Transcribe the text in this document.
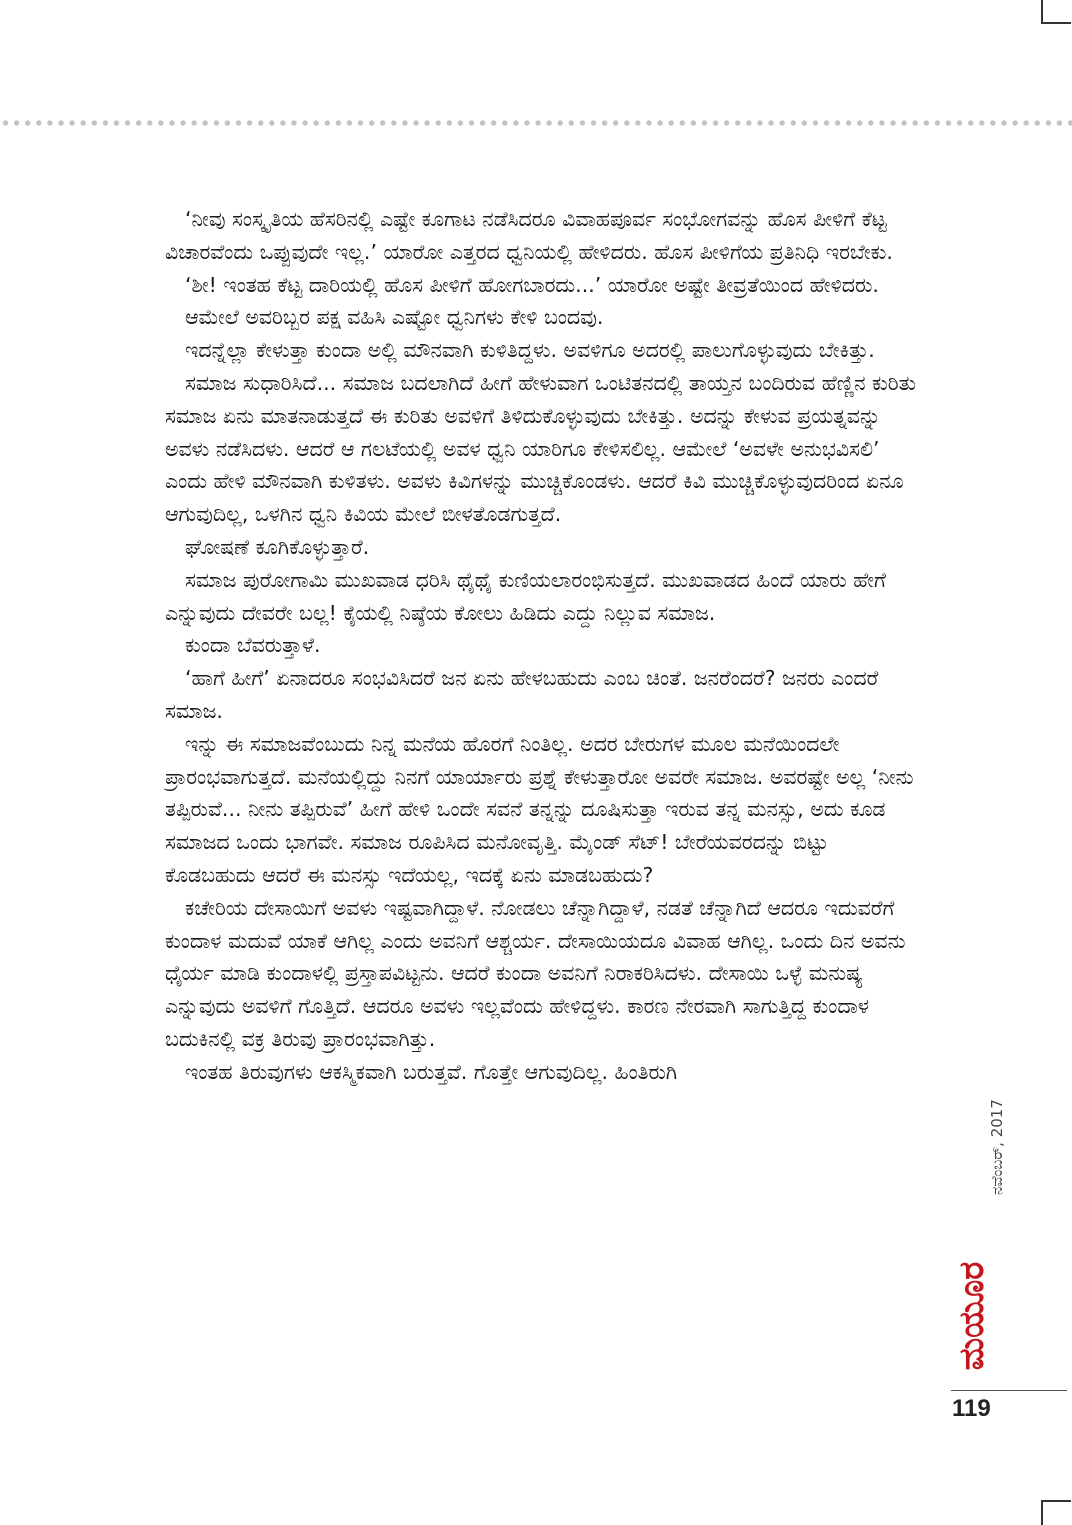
‘ನೀವು ಸಂಸ್ಕೃತಿಯ ಹೆಸರಿನಲ್ಲಿ ಎಷ್ಟೇ ಕೂಗಾಟ ನಡೆಸಿದರೂ ವಿವಾಹಪೂರ್ವ ಸಂಭೋಗವನ್ನು ಹೊಸ ಪೀಳಿಗೆ ಕೆಟ್ಟ ವಿಚಾರವೆಂದು ಒಪ್ಪುವುದೇ ಇಲ್ಲ.’ ಯಾರೋ ಎತ್ತರದ ಧ್ವನಿಯಲ್ಲಿ ಹೇಳಿದರು. ಹೊಸ ಪೀಳಿಗೆಯ ಪ್ರತಿನಿಧಿ ಇರಬೇಕು.

‘ಶೀ! ಇಂತಹ ಕೆಟ್ಟ ದಾರಿಯಲ್ಲಿ ಹೊಸ ಪೀಳಿಗೆ ಹೋಗಬಾರದು...’ ಯಾರೋ ಅಷ್ಟೇ ತೀವ್ರತೆಯಿಂದ ಹೇಳಿದರು.

ಆಮೇಲೆ ಅವರಿಬ್ಬರ ಪಕ್ಷ ವಹಿಸಿ ಎಷ್ಟೋ ಧ್ವನಿಗಳು ಕೇಳಿ ಬಂದವು.

ಇದನ್ನೆಲ್ಲಾ ಕೇಳುತ್ತಾ ಕುಂದಾ ಅಲ್ಲಿ ಮೌನವಾಗಿ ಕುಳಿತಿದ್ದಳು. ಅವಳಿಗೂ ಅದರಲ್ಲಿ ಪಾಲುಗೊಳ್ಳುವುದು ಬೇಕಿತ್ತು.

ಸಮಾಜ ಸುಧಾರಿಸಿದೆ... ಸಮಾಜ ಬದಲಾಗಿದೆ ಹೀಗೆ ಹೇಳುವಾಗ ಒಂಟಿತನದಲ್ಲಿ ತಾಯ್ತನ ಬಂದಿರುವ ಹೆಣ್ಣಿನ ಕುರಿತು ಸಮಾಜ ಏನು ಮಾತನಾಡುತ್ತದೆ ಈ ಕುರಿತು ಅವಳಿಗೆ ತಿಳಿದುಕೊಳ್ಳುವುದು ಬೇಕಿತ್ತು. ಅದನ್ನು ಕೇಳುವ ಪ್ರಯತ್ನವನ್ನು ಅವಳು ನಡೆಸಿದಳು. ಆದರೆ ಆ ಗಲಟೆಯಲ್ಲಿ ಅವಳ ಧ್ವನಿ ಯಾರಿಗೂ ಕೇಳಿಸಲಿಲ್ಲ. ಆಮೇಲೆ ‘ಅವಳೇ ಅನುಭವಿಸಲಿ’ ಎಂದು ಹೇಳಿ ಮೌನವಾಗಿ ಕುಳಿತಳು. ಅವಳು ಕಿವಿಗಳನ್ನು ಮುಚ್ಚಿಕೊಂಡಳು. ಆದರೆ ಕಿವಿ ಮುಚ್ಚಿಕೊಳ್ಳುವುದರಿಂದ ಏನೂ ಆಗುವುದಿಲ್ಲ, ಒಳಗಿನ ಧ್ವನಿ ಕಿವಿಯ ಮೇಲೆ ಬೀಳತೊಡಗುತ್ತದೆ.

ಘೋಷಣೆ ಕೂಗಿಕೊಳ್ಳುತ್ತಾರೆ.

ಸಮಾಜ ಪುರೋಗಾಮಿ ಮುಖವಾಡ ಧರಿಸಿ ಥೈಥೈ ಕುಣಿಯಲಾರಂಭಿಸುತ್ತದೆ. ಮುಖವಾಡದ ಹಿಂದೆ ಯಾರು ಹೇಗೆ ಎನ್ನುವುದು ದೇವರೇ ಬಲ್ಲ! ಕೈಯಲ್ಲಿ ನಿಷ್ಠೆಯ ಕೋಲು ಹಿಡಿದು ಎದ್ದು ನಿಲ್ಲುವ ಸಮಾಜ.

ಕುಂದಾ ಬೆವರುತ್ತಾಳೆ.

‘ಹಾಗೆ ಹೀಗೆ’ ಏನಾದರೂ ಸಂಭವಿಸಿದರೆ ಜನ ಏನು ಹೇಳಬಹುದು ಎಂಬ ಚಿಂತೆ. ಜನರೆಂದರೆ? ಜನರು ಎಂದರೆ ಸಮಾಜ.

ಇನ್ನು ಈ ಸಮಾಜವೆಂಬುದು ನಿನ್ನ ಮನೆಯ ಹೊರಗೆ ನಿಂತಿಲ್ಲ. ಅದರ ಬೇರುಗಳ ಮೂಲ ಮನೆಯಿಂದಲೇ ಪ್ರಾರಂಭವಾಗುತ್ತದೆ. ಮನೆಯಲ್ಲಿದ್ದು ನಿನಗೆ ಯಾರ್ಯಾರು ಪ್ರಶ್ನೆ ಕೇಳುತ್ತಾರೋ ಅವರೇ ಸಮಾಜ. ಅವರಷ್ಟೇ ಅಲ್ಲ ‘ನೀನು ತಪ್ಪಿರುವೆ... ನೀನು ತಪ್ಪಿರುವೆ’ ಹೀಗೆ ಹೇಳಿ ಒಂದೇ ಸವನೆ ತನ್ನನ್ನು ದೂಷಿಸುತ್ತಾ ಇರುವ ತನ್ನ ಮನಸ್ಸು, ಅದು ಕೂಡ ಸಮಾಜದ ಒಂದು ಭಾಗವೇ. ಸಮಾಜ ರೂಪಿಸಿದ ಮನೋವೃತ್ತಿ. ಮೈಂಡ್ ಸೆಟ್! ಬೇರೆಯವರದನ್ನು ಬಿಟ್ಟು ಕೊಡಬಹುದು ಆದರೆ ಈ ಮನಸ್ಸು ಇದೆಯಲ್ಲ, ಇದಕ್ಕೆ ಏನು ಮಾಡಬಹುದು?

ಕಚೇರಿಯ ದೇಸಾಯಿಗೆ ಅವಳು ಇಷ್ಟವಾಗಿದ್ದಾಳೆ. ನೋಡಲು ಚೆನ್ನಾಗಿದ್ದಾಳೆ, ನಡತೆ ಚೆನ್ನಾಗಿದೆ ಆದರೂ ಇದುವರೆಗೆ ಕುಂದಾಳ ಮದುವೆ ಯಾಕೆ ಆಗಿಲ್ಲ ಎಂದು ಅವನಿಗೆ ಆಶ್ಚರ್ಯ. ದೇಸಾಯಿಯದೂ ವಿವಾಹ ಆಗಿಲ್ಲ. ಒಂದು ದಿನ ಅವನು ಧೈರ್ಯ ಮಾಡಿ ಕುಂದಾಳಲ್ಲಿ ಪ್ರಸ್ತಾಪವಿಟ್ಟನು. ಆದರೆ ಕುಂದಾ ಅವನಿಗೆ ನಿರಾಕರಿಸಿದಳು. ದೇಸಾಯಿ ಒಳ್ಳೆ ಮನುಷ್ಯ ಎನ್ನುವುದು ಅವಳಿಗೆ ಗೊತ್ತಿದೆ. ಆದರೂ ಅವಳು ಇಲ್ಲವೆಂದು ಹೇಳಿದ್ದಳು. ಕಾರಣ ನೇರವಾಗಿ ಸಾಗುತ್ತಿದ್ದ ಕುಂದಾಳ ಬದುಕಿನಲ್ಲಿ ವಕ್ರ ತಿರುವು ಪ್ರಾರಂಭವಾಗಿತ್ತು.

ಇಂತಹ ತಿರುವುಗಳು ಆಕಸ್ಮಿಕವಾಗಿ ಬರುತ್ತವೆ. ಗೊತ್ತೇ ಆಗುವುದಿಲ್ಲ. ಹಿಂತಿರುಗಿ

ನವೆಂಬರ್, 2017
ಮಯೂರ
119
